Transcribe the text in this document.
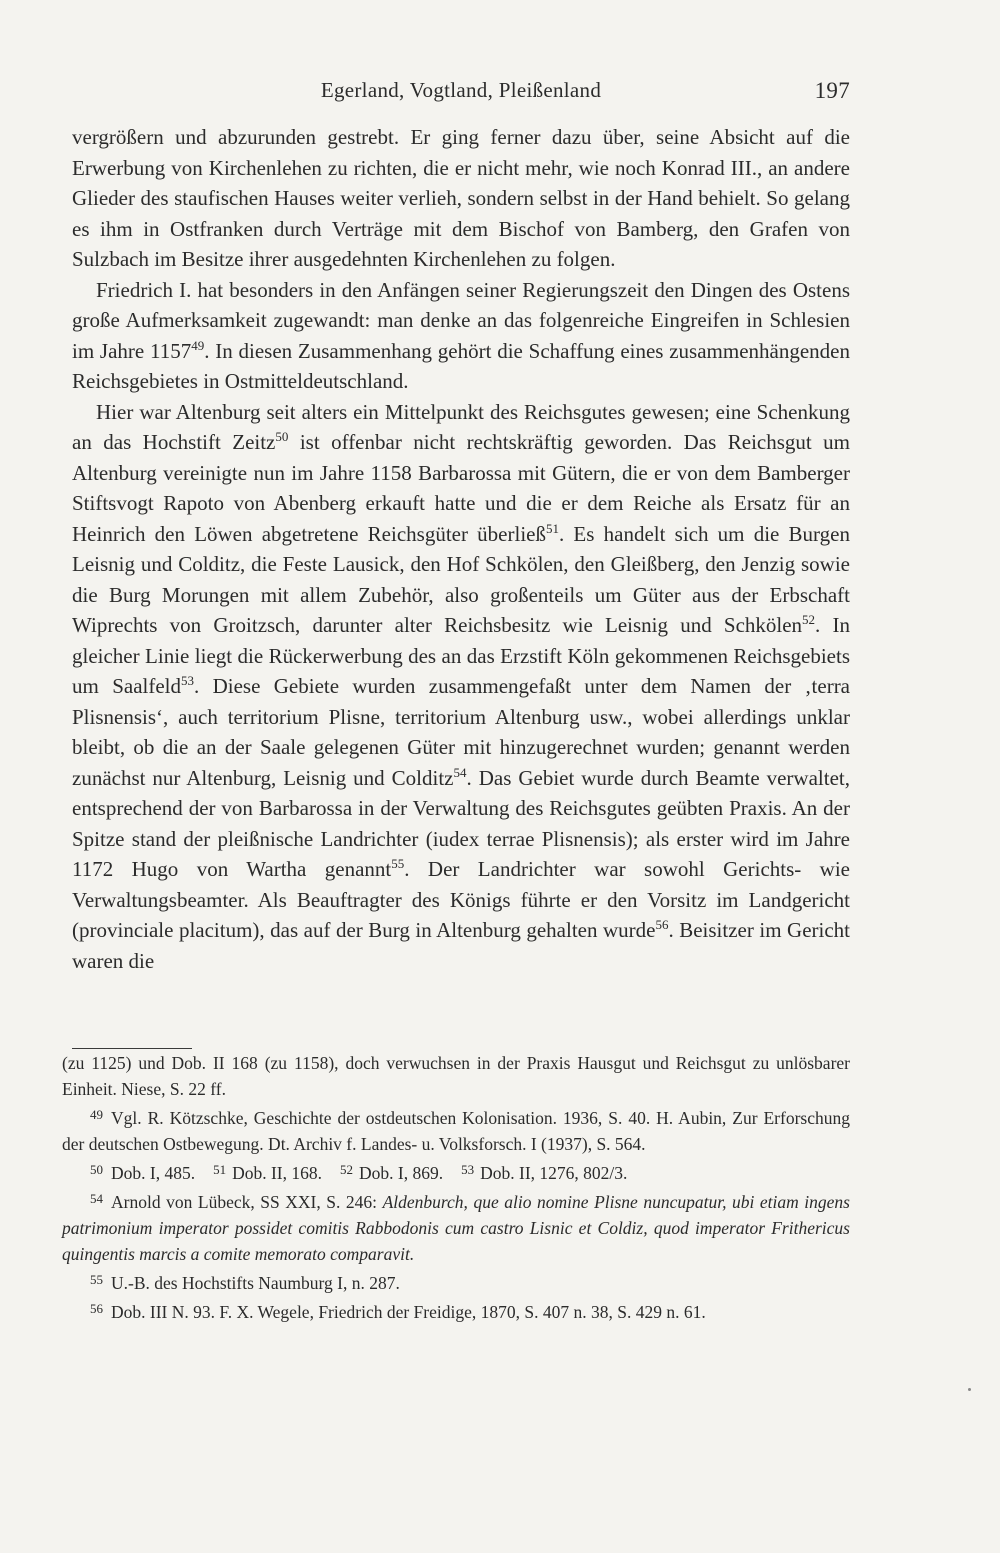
Egerland, Vogtland, Pleißenland	197

vergrößern und abzurunden gestrebt. Er ging ferner dazu über, seine Absicht auf die Erwerbung von Kirchenlehen zu richten, die er nicht mehr, wie noch Konrad III., an andere Glieder des staufischen Hauses weiter verlieh, sondern selbst in der Hand behielt. So gelang es ihm in Ostfranken durch Verträge mit dem Bischof von Bamberg, den Grafen von Sulzbach im Besitze ihrer ausgedehnten Kirchenlehen zu folgen.

Friedrich I. hat besonders in den Anfängen seiner Regierungszeit den Dingen des Ostens große Aufmerksamkeit zugewandt: man denke an das folgenreiche Eingreifen in Schlesien im Jahre 1157$^{49}$. In diesen Zusammenhang gehört die Schaffung eines zusammenhängenden Reichsgebietes in Ostmitteldeutschland.

Hier war Altenburg seit alters ein Mittelpunkt des Reichsgutes gewesen; eine Schenkung an das Hochstift Zeitz$^{50}$ ist offenbar nicht rechtskräftig geworden. Das Reichsgut um Altenburg vereinigte nun im Jahre 1158 Barbarossa mit Gütern, die er von dem Bamberger Stiftsvogt Rapoto von Abenberg erkauft hatte und die er dem Reiche als Ersatz für an Heinrich den Löwen abgetretene Reichsgüter überließ$^{51}$. Es handelt sich um die Burgen Leisnig und Colditz, die Feste Lausick, den Hof Schkölen, den Gleißberg, den Jenzig sowie die Burg Morungen mit allem Zubehör, also großenteils um Güter aus der Erbschaft Wiprechts von Groitzsch, darunter alter Reichsbesitz wie Leisnig und Schkölen$^{52}$. In gleicher Linie liegt die Rückerwerbung des an das Erzstift Köln gekommenen Reichsgebiets um Saalfeld$^{53}$. Diese Gebiete wurden zusammengefaßt unter dem Namen der ‚terra Plisnensis‘, auch territorium Plisne, territorium Altenburg usw., wobei allerdings unklar bleibt, ob die an der Saale gelegenen Güter mit hinzugerechnet wurden; genannt werden zunächst nur Altenburg, Leisnig und Colditz$^{54}$. Das Gebiet wurde durch Beamte verwaltet, entsprechend der von Barbarossa in der Verwaltung des Reichsgutes geübten Praxis. An der Spitze stand der pleißnische Landrichter (iudex terrae Plisnensis); als erster wird im Jahre 1172 Hugo von Wartha genannt$^{55}$. Der Landrichter war sowohl Gerichts- wie Verwaltungsbeamter. Als Beauftragter des Königs führte er den Vorsitz im Landgericht (provinciale placitum), das auf der Burg in Altenburg gehalten wurde$^{56}$. Beisitzer im Gericht waren die

(zu 1125) und Dob. II 168 (zu 1158), doch verwuchsen in der Praxis Hausgut und Reichsgut zu unlösbarer Einheit. Niese, S. 22 ff.

$^{49}$ Vgl. R. Kötzschke, Geschichte der ostdeutschen Kolonisation. 1936, S. 40. H. Aubin, Zur Erforschung der deutschen Ostbewegung. Dt. Archiv f. Landes- u. Volksforsch. I (1937), S. 564.

$^{50}$ Dob. I, 485. $^{51}$ Dob. II, 168. $^{52}$ Dob. I, 869. $^{53}$ Dob. II, 1276, 802/3.

$^{54}$ Arnold von Lübeck, SS XXI, S. 246: Aldenburch, que alio nomine Plisne nuncupatur, ubi etiam ingens patrimonium imperator possidet comitis Rabbodonis cum castro Lisnic et Coldiz, quod imperator Frithericus quingentis marcis a comite memorato comparavit.

$^{55}$ U.-B. des Hochstifts Naumburg I, n. 287.

$^{56}$ Dob. III N. 93. F. X. Wegele, Friedrich der Freidige, 1870, S. 407 n. 38, S. 429 n. 61.
